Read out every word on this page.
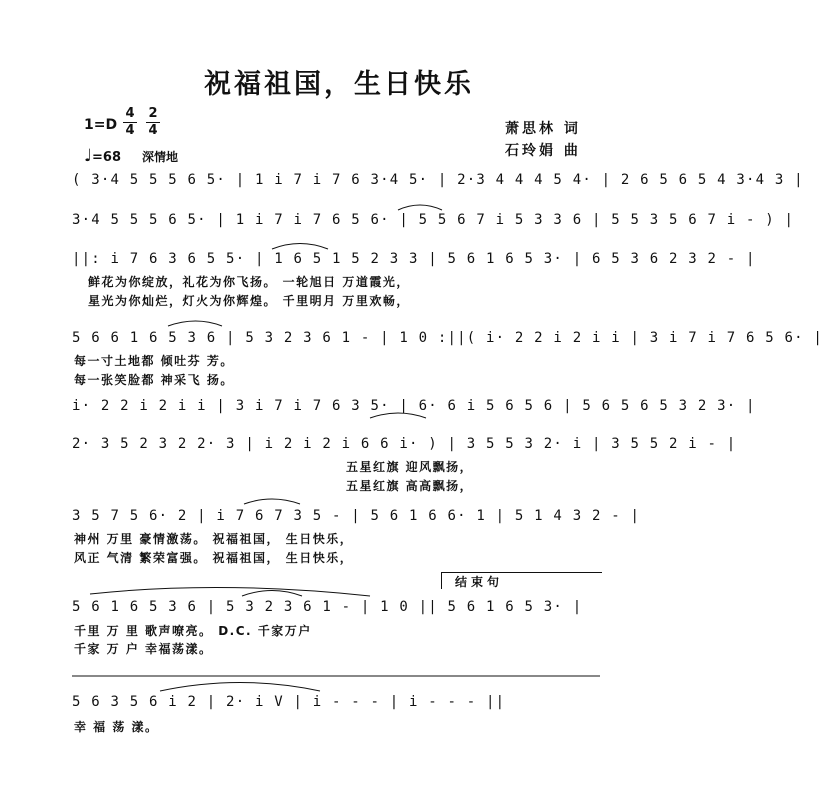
祝福祖国，生日快乐
$1=D \frac{4}{4} \frac{2}{4}$
♩=68 深情地
萧思林 词
石玲娟 曲
( 3·4 5 5 5 6 5· | 1 i 7 i 7 6 3·4 5· | 2·3 4 4 4 5 4· | 2 6 5 6 5 4 3·4 3 |
3·4 5 5 5 6 5· | 1 i 7 i 7 6 5 6· | 5 5 6 7 i 5 3 3 6 | 5 5 3 5 6 7 i - ) |
||: i 7 6 3 6 5 5· | 1 6 5 1 5 2 3 3 | 5 6 1 6 5 3· | 6 5 3 6 2 3 2 - |
5 6 6 1 6 5 3 6 | 5 3 2 3 6 1 - | 1 0 :||( i· 2 2 i 2 i i | 3 i 7 i 7 6 5 6· |
i· 2 2 i 2 i i | 3 i 7 i 7 6 3 5· | 6· 6 i 5 6 5 6 | 5 6 5 6 5 3 2 3· |
2· 3 5 2 3 2 2· 3 | i 2 i 2 i 6 6 i· ) | 3 5 5 3 2· i | 3 5 5 2 i - |
3 5 7 5 6· 2 | i 7 6 7 3 5 - | 5 6 1 6 6· 1 | 5 1 4 3 2 - |
5 6 1 6 5 3 6 | 5 3 2 3 6 1 - | 1 0 || 5 6 1 6 5 3· |
5 6 3 5 6 i 2 | 2· i V | i - - - | i - - - ||
鲜花为你绽放，礼花为你飞扬。 一轮旭日 万道霞光，
星光为你灿烂，灯火为你辉煌。 千里明月 万里欢畅，
每一寸土地都 倾吐芬 芳。
每一张笑脸都 神采飞 扬。
五星红旗 迎风飘扬，
五星红旗 高高飘扬，
神州 万里 豪情激荡。 祝福祖国， 生日快乐，
风正 气清 繁荣富强。 祝福祖国， 生日快乐，
千里 万 里 歌声嘹亮。 D.C. 千家万户
千家 万 户 幸福荡漾。
幸 福 荡 漾。
结束句
